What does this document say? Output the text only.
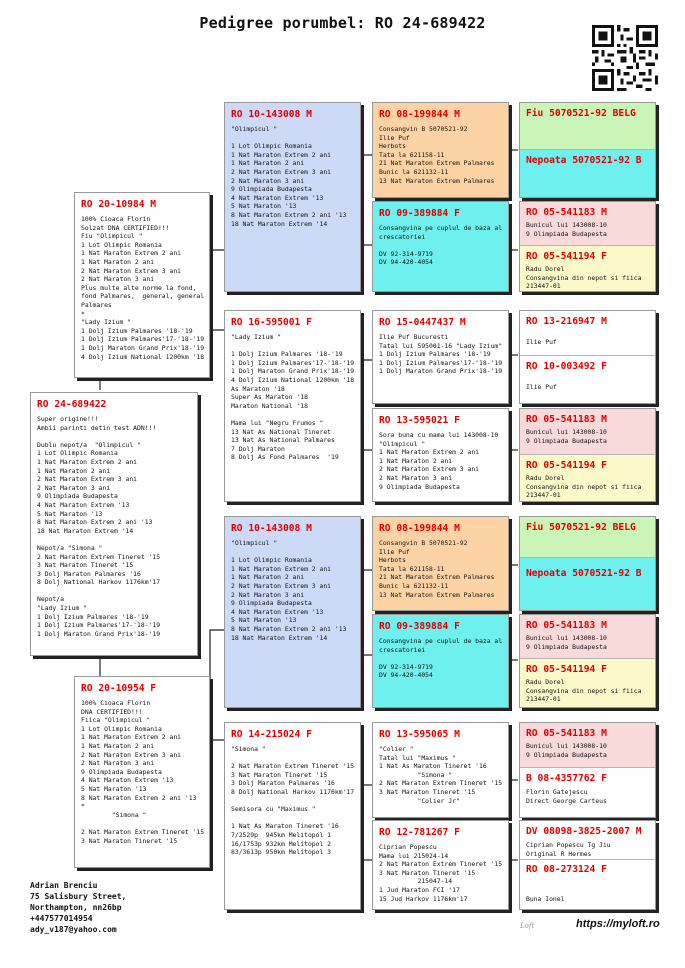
Pedigree porumbel: RO 24-689422
RO 24-689422
Super origine!!!
Ambii parinti detin test ADN!!!

Dublu nepot/a  "Olimpicul "
1 Lot Olimpic Romania
1 Nat Maraton Extrem 2 ani
1 Nat Maraton 2 ani
2 Nat Maraton Extrem 3 ani
2 Nat Maraton 3 ani
9 Olimpiada Budapesta
4 Nat Maraton Extrem '13
5 Nat Maraton '13
8 Nat Maraton Extrem 2 ani '13
18 Nat Maraton Extrem '14

Nepot/a "Simona "
2 Nat Maraton Extrem Tineret '15
3 Nat Maraton Tineret '15
3 Dolj Maraton Palmares '16
8 Dolj National Harkov 1176km'17

Nepot/a
"Lady Izium "
1 Dolj Izium Palmares '18-'19
1 Dolj Izium Palmares'17-'18-'19
1 Dolj Maraton Grand Prix'18-'19
RO 20-10984 M
100% Cioaca Florin
Solzat DNA CERTIFIED!!!
Fiu "Olimpicul "
1 Lot Olimpic Romania
1 Nat Maraton Extrem 2 ani
1 Nat Maraton 2 ani
2 Nat Maraton Extrem 3 ani
2 Nat Maraton 3 ani
Plus multe alte norme la fond,
fond Palmares,  general, general
Palmares
*
"Lady Izium "
1 Dolj Izium Palmares '18-'19
1 Dolj Izium Palmares'17-'18-'19
1 Dolj Maraton Grand Prix'18-'19
4 Dolj Izium National 1200km '18
RO 20-10954 F
100% Cioaca Florin
DNA CERTIFIED!!!
Fiica "Olimpicul "
1 Lot Olimpic Romania
1 Nat Maraton Extrem 2 ani
1 Nat Maraton 2 ani
2 Nat Maraton Extrem 3 ani
2 Nat Maraton 3 ani
9 Olimpiada Budapesta
4 Nat Maraton Extrem '13
5 Nat Maraton '13
8 Nat Maraton Extrem 2 ani '13
*
"Simona "

2 Nat Maraton Extrem Tineret '15
3 Nat Maraton Tineret '15
RO 10-143008 M
"Olimpicul "

1 Lot Olimpic Romania
1 Nat Maraton Extrem 2 ani
1 Nat Maraton 2 ani
2 Nat Maraton Extrem 3 ani
2 Nat Maraton 3 ani
9 Olimpiada Budapesta
4 Nat Maraton Extrem '13
5 Nat Maraton '13
8 Nat Maraton Extrem 2 ani '13
18 Nat Maraton Extrem '14
RO 16-595001 F
"Lady Izium "

1 Dolj Izium Palmares '18-'19
1 Dolj Izium Palmares'17-'18-'19
1 Dolj Maraton Grand Prix'18-'19
4 Dolj Izium National 1200km '18
As Maraton '18
Super As Maraton '18
Maraton National '18

Mama lui "Negru Frumos "
13 Nat As National Tineret
13 Nat As National Palmares
7 Dolj Maraton
8 Dolj As Fond Palmares  '19
RO 10-143008 M
"Olimpicul "

1 Lot Olimpic Romania
1 Nat Maraton Extrem 2 ani
1 Nat Maraton 2 ani
2 Nat Maraton Extrem 3 ani
2 Nat Maraton 3 ani
9 Olimpiada Budapesta
4 Nat Maraton Extrem '13
5 Nat Maraton '13
8 Nat Maraton Extrem 2 ani '13
18 Nat Maraton Extrem '14
RO 14-215024 F
"Simona "

2 Nat Maraton Extrem Tineret '15
3 Nat Maraton Tineret '15
3 Dolj Maraton Palmares '16
8 Dolj National Harkov 1176km'17

Semisora cu "Maximus "

1 Nat As Maraton Tineret '16
7/2529p  945km Melitopol 1
16/1753p 932km Melitopol 2
83/3613p 950km Melitopol 3
RO 08-199844 M
Consangvin B 5070521-92
Ilie Puf
Herbots
Tata la 621158-11
21 Nat Maraton Extrem Palmares
Bunic la 621132-11
13 Nat Maraton Extrem Palmares
RO 09-389884 F
Consangvina pe cuplul de baza al
crescatoriei

DV 92-314-9719
DV 94-420-4054
RO 15-0447437 M
Ilie Puf Bucuresti
Tatal lui 595001-16 "Lady Izium"
1 Dolj Izium Palmares '18-'19
1 Dolj Izium Palmares'17-'18-'19
1 Dolj Maraton Grand Prix'18-'19
RO 13-595021 F
Sora buna cu mama lui 143008-10
"Olimpicul "
1 Nat Maraton Extrem 2 ani
1 Nat Maraton 2 ani
2 Nat Maraton Extrem 3 ani
2 Nat Maraton 3 ani
9 Olimpiada Budapesta
RO 08-199844 M
Consangvin B 5070521-92
Ilie Puf
Herbots
Tata la 621158-11
21 Nat Maraton Extrem Palmares
Bunic la 621132-11
13 Nat Maraton Extrem Palmares
RO 09-389884 F
Consangvina pe cuplul de baza al
crescatoriei

DV 92-314-9719
DV 94-420-4054
RO 13-595065 M
"Colier "
Tatal lui "Maximus "
1 Nat As Maraton Tineret '16
"Simona "
2 Nat Maraton Extrem Tineret '15
3 Nat Maraton Tineret '15
"Colier Jr"
RO 12-781267 F
Ciprian Popescu
Mama lui 215024-14
2 Nat Maraton Extrem Tineret '15
3 Nat Maraton Tineret '15
215047-14
1 Jud Maraton FCI '17
15 Jud Harkov 1176km'17
Fiu 5070521-92 BELG
Nepoata 5070521-92 B
RO 05-541183 M
Bunicul lui 143008-10
9 Olimpiada Budapesta
RO 05-541194 F
Radu Dorel
Consangvina din nepot si fiica
213447-01
RO 13-216947 M
Ilie Puf
RO 10-003492 F
Ilie Puf
RO 05-541183 M
Bunicul lui 143008-10
9 Olimpiada Budapesta
RO 05-541194 F
Radu Dorel
Consangvina din nepot si fiica
213447-01
Fiu 5070521-92 BELG
Nepoata 5070521-92 B
RO 05-541183 M
Bunicul lui 143008-10
9 Olimpiada Budapesta
RO 05-541194 F
Radu Dorel
Consangvina din nepot si fiica
213447-01
RO 05-541183 M
Bunicul lui 143008-10
9 Olimpiada Budapesta
B 08-4357762 F
Florin Gatejescu
Direct George Carteus
DV 08098-3825-2007 M
Ciprian Popescu Tg Jiu
Original R Hermes
RO 08-273124 F
Buna Ionel
Adrian Brenciu
75 Salisbury Street,
Northampton, nn26bp
+447577014954
ady_v187@yahoo.com	Loft	https://myloft.ro
